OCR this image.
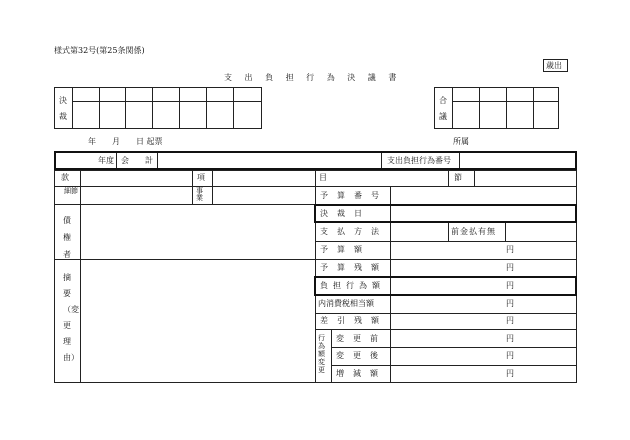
様式第32号(第25条関係)
歳出
支 出 負 担 行 為 決 議 書
決
裁
合
議
年　　月　　日 起票	所属
年度 会　　計	支出負担行為番号
款	項	目	節
細節	事業	予算番号
債権者
摘要（変更理由）
決裁日
支払方法	前金払有無
予算額	円
予算残額	円
負担行為額	円
内消費税相当額	円
差引残額	円
行為額変更
変更前	円
変更後	円
増減額	円
